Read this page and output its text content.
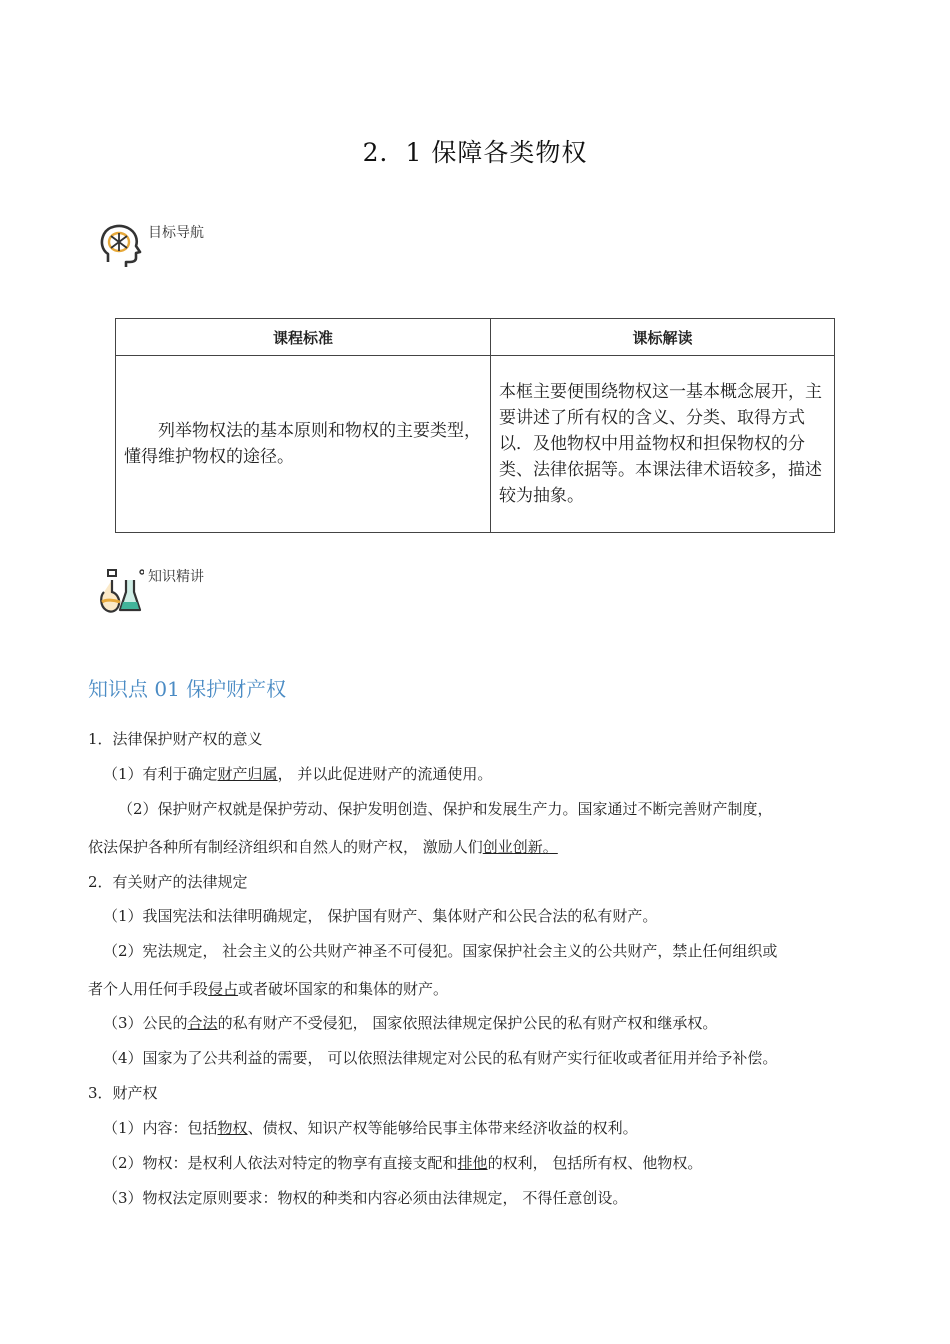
2．1 保障各类物权
目标导航
课程标准	课标解读
列举物权法的基本原则和物权的主要类型，懂得维护物权的途径。	本框主要便围绕物权这一基本概念展开，主要讲述了所有权的含义、分类、取得方式以．及他物权中用益物权和担保物权的分类、法律依据等。本课法律术语较多，描述较为抽象。
知识精讲
知识点 01 保护财产权
1．法律保护财产权的意义
（1）有利于确定财产归属， 并以此促进财产的流通使用。
（2）保护财产权就是保护劳动、保护发明创造、保护和发展生产力。国家通过不断完善财产制度，
依法保护各种所有制经济组织和自然人的财产权， 激励人们创业创新。
2．有关财产的法律规定
（1）我国宪法和法律明确规定， 保护国有财产、集体财产和公民合法的私有财产。
（2）宪法规定， 社会主义的公共财产神圣不可侵犯。国家保护社会主义的公共财产，禁止任何组织或
者个人用任何手段侵占或者破坏国家的和集体的财产。
（3）公民的合法的私有财产不受侵犯， 国家依照法律规定保护公民的私有财产权和继承权。
（4）国家为了公共利益的需要， 可以依照法律规定对公民的私有财产实行征收或者征用并给予补偿。
3．财产权
（1）内容：包括物权、债权、知识产权等能够给民事主体带来经济收益的权利。
（2）物权：是权利人依法对特定的物享有直接支配和排他的权利， 包括所有权、他物权。
（3）物权法定原则要求：物权的种类和内容必须由法律规定， 不得任意创设。
